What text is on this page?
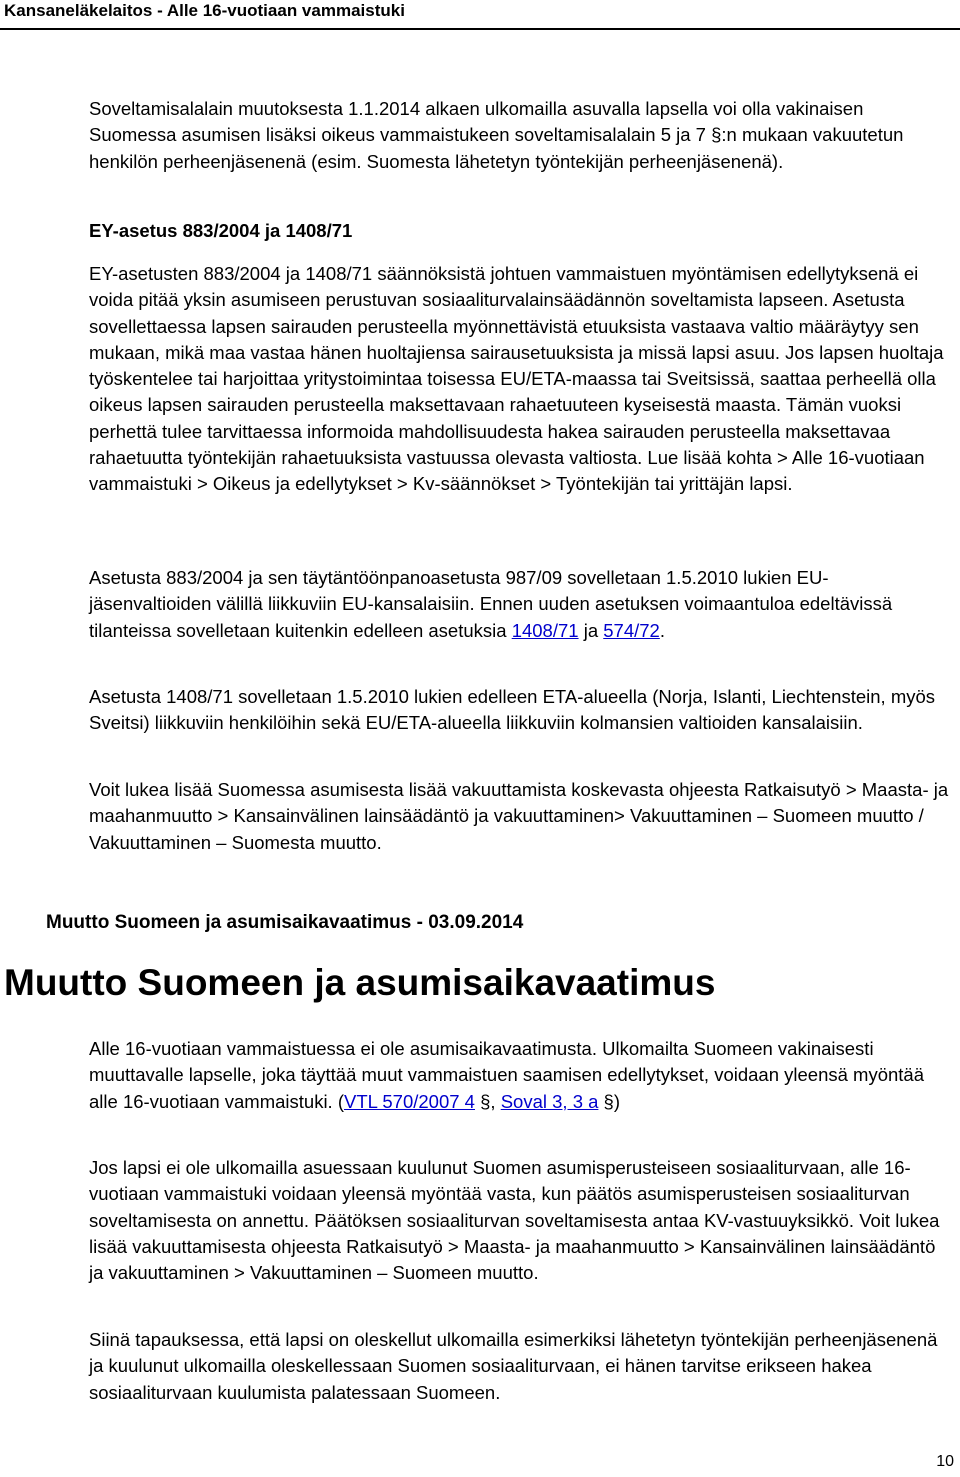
Kansaneläkelaitos - Alle 16-vuotiaan vammaistuki

Soveltamisalalain muutoksesta 1.1.2014 alkaen ulkomailla asuvalla lapsella voi olla vakinaisen Suomessa asumisen lisäksi oikeus vammaistukeen soveltamisalalain 5 ja 7 §:n mukaan vakuutetun henkilön perheenjäsenenä (esim. Suomesta lähetetyn työntekijän perheenjäsenenä).

EY-asetus 883/2004 ja 1408/71

EY-asetusten 883/2004 ja 1408/71 säännöksistä johtuen vammaistuen myöntämisen edellytyksenä ei voida pitää yksin asumiseen perustuvan sosiaaliturvalainsäädännön soveltamista lapseen. Asetusta sovellettaessa lapsen sairauden perusteella myönnettävistä etuuksista vastaava valtio määräytyy sen mukaan, mikä maa vastaa hänen huoltajiensa sairausetuuksista ja missä lapsi asuu. Jos lapsen huoltaja työskentelee tai harjoittaa yritystoimintaa toisessa EU/ETA-maassa tai Sveitsissä, saattaa perheellä olla oikeus lapsen sairauden perusteella maksettavaan rahaetuuteen kyseisestä maasta. Tämän vuoksi perhettä tulee tarvittaessa informoida mahdollisuudesta hakea sairauden perusteella maksettavaa rahaetuutta työntekijän rahaetuuksista vastuussa olevasta valtiosta. Lue lisää kohta > Alle 16-vuotiaan vammaistuki > Oikeus ja edellytykset > Kv-säännökset > Työntekijän tai yrittäjän lapsi.

Asetusta 883/2004 ja sen täytäntöönpanoasetusta 987/09 sovelletaan 1.5.2010 lukien EU-jäsenvaltioiden välillä liikkuviin EU-kansalaisiin. Ennen uuden asetuksen voimaantuloa edeltävissä tilanteissa sovelletaan kuitenkin edelleen asetuksia 1408/71 ja 574/72.

Asetusta 1408/71 sovelletaan 1.5.2010 lukien edelleen ETA-alueella (Norja, Islanti, Liechtenstein, myös Sveitsi) liikkuviin henkilöihin sekä EU/ETA-alueella liikkuviin kolmansien valtioiden kansalaisiin.

Voit lukea lisää Suomessa asumisesta lisää vakuuttamista koskevasta ohjeesta Ratkaisutyö > Maasta- ja maahanmuutto > Kansainvälinen lainsäädäntö ja vakuuttaminen> Vakuuttaminen – Suomeen muutto / Vakuuttaminen – Suomesta muutto.

Muutto Suomeen ja asumisaikavaatimus - 03.09.2014
Muutto Suomeen ja asumisaikavaatimus

Alle 16-vuotiaan vammaistuessa ei ole asumisaikavaatimusta. Ulkomailta Suomeen vakinaisesti muuttavalle lapselle, joka täyttää muut vammaistuen saamisen edellytykset, voidaan yleensä myöntää alle 16-vuotiaan vammaistuki. (VTL 570/2007 4 §, Soval 3, 3 a §)

Jos lapsi ei ole ulkomailla asuessaan kuulunut Suomen asumisperusteiseen sosiaaliturvaan, alle 16-vuotiaan vammaistuki voidaan yleensä myöntää vasta, kun päätös asumisperusteisen sosiaaliturvan soveltamisesta on annettu. Päätöksen sosiaaliturvan soveltamisesta antaa KV-vastuuyksikkö. Voit lukea lisää vakuuttamisesta ohjeesta Ratkaisutyö > Maasta- ja maahanmuutto > Kansainvälinen lainsäädäntö ja vakuuttaminen > Vakuuttaminen – Suomeen muutto.

Siinä tapauksessa, että lapsi on oleskellut ulkomailla esimerkiksi lähetetyn työntekijän perheenjäsenenä ja kuulunut ulkomailla oleskellessaan Suomen sosiaaliturvaan, ei hänen tarvitse erikseen hakea sosiaaliturvaan kuulumista palatessaan Suomeen.

10
